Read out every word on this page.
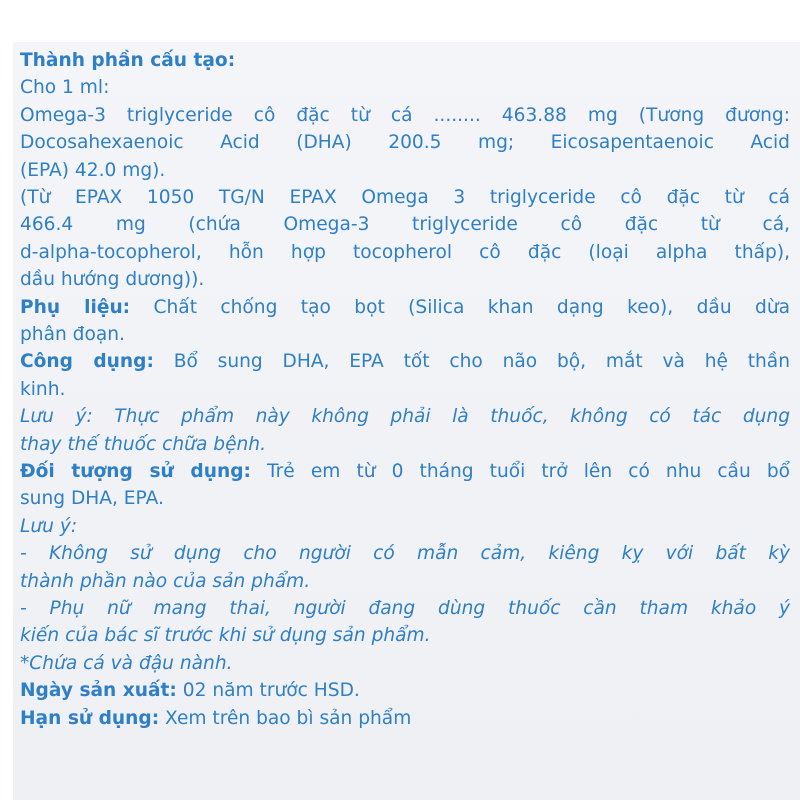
Thành phần cấu tạo:
Cho 1 ml:
Omega-3 triglyceride cô đặc từ cá ........ 463.88 mg (Tương đương:
Docosahexaenoic Acid (DHA) 200.5 mg; Eicosapentaenoic Acid
(EPA) 42.0 mg).
(Từ EPAX 1050 TG/N EPAX Omega 3 triglyceride cô đặc từ cá
466.4 mg (chứa Omega-3 triglyceride cô đặc từ cá,
d-alpha-tocopherol, hỗn hợp tocopherol cô đặc (loại alpha thấp),
dầu hướng dương)).
Phụ liệu: Chất chống tạo bọt (Silica khan dạng keo), dầu dừa
phân đoạn.
Công dụng: Bổ sung DHA, EPA tốt cho não bộ, mắt và hệ thần
kinh.
Lưu ý: Thực phẩm này không phải là thuốc, không có tác dụng
thay thế thuốc chữa bệnh.
Đối tượng sử dụng: Trẻ em từ 0 tháng tuổi trở lên có nhu cầu bổ
sung DHA, EPA.
Lưu ý:
- Không sử dụng cho người có mẫn cảm, kiêng kỵ với bất kỳ
thành phần nào của sản phẩm.
- Phụ nữ mang thai, người đang dùng thuốc cần tham khảo ý
kiến của bác sĩ trước khi sử dụng sản phẩm.
*Chứa cá và đậu nành.
Ngày sản xuất: 02 năm trước HSD.
Hạn sử dụng: Xem trên bao bì sản phẩm
